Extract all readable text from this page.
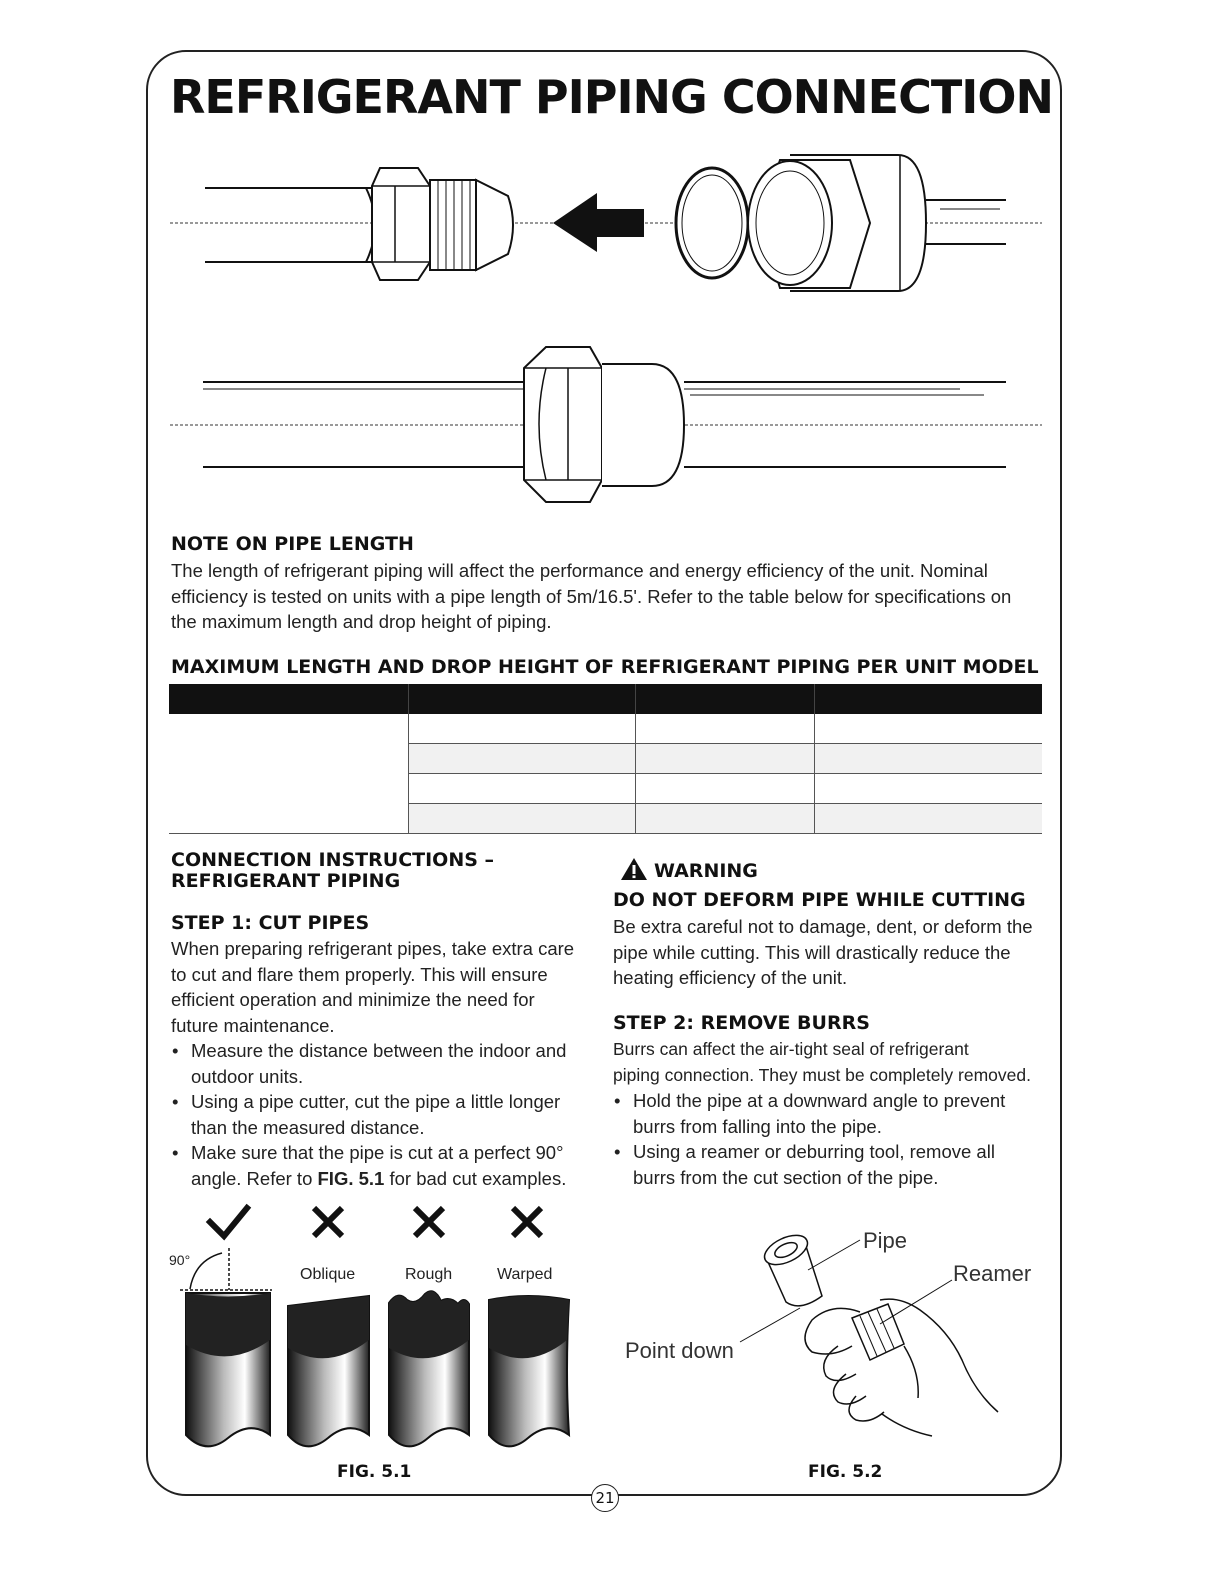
REFRIGERANT PIPING CONNECTION
NOTE ON PIPE LENGTH
The length of refrigerant piping will affect the performance and energy efficiency of the unit. Nominal
efficiency is tested on units with a pipe length of 5m/16.5'. Refer to the table below for specifications on
the maximum length and drop height of piping.
MAXIMUM LENGTH AND DROP HEIGHT OF REFRIGERANT PIPING PER UNIT MODEL

CONNECTION INSTRUCTIONS –
REFRIGERANT PIPING
STEP 1: CUT PIPES
When preparing refrigerant pipes, take extra care
to cut and flare them properly. This will ensure
efficient operation and minimize the need for
future maintenance.
• Measure the distance between the indoor and
outdoor units.
• Using a pipe cutter, cut the pipe a little longer
than the measured distance.
• Make sure that the pipe is cut at a perfect 90°
angle. Refer to FIG. 5.1 for bad cut examples.
WARNING
DO NOT DEFORM PIPE WHILE CUTTING
Be extra careful not to damage, dent, or deform the
pipe while cutting. This will drastically reduce the
heating efficiency of the unit.
STEP 2: REMOVE BURRS
Burrs can affect the air-tight seal of refrigerant
piping connection. They must be completely removed.
• Hold the pipe at a downward angle to prevent
burrs from falling into the pipe.
• Using a reamer or deburring tool, remove all
burrs from the cut section of the pipe.
90°
Oblique	Rough	Warped
FIG. 5.1
Pipe
Reamer
Point down
FIG. 5.2
21
